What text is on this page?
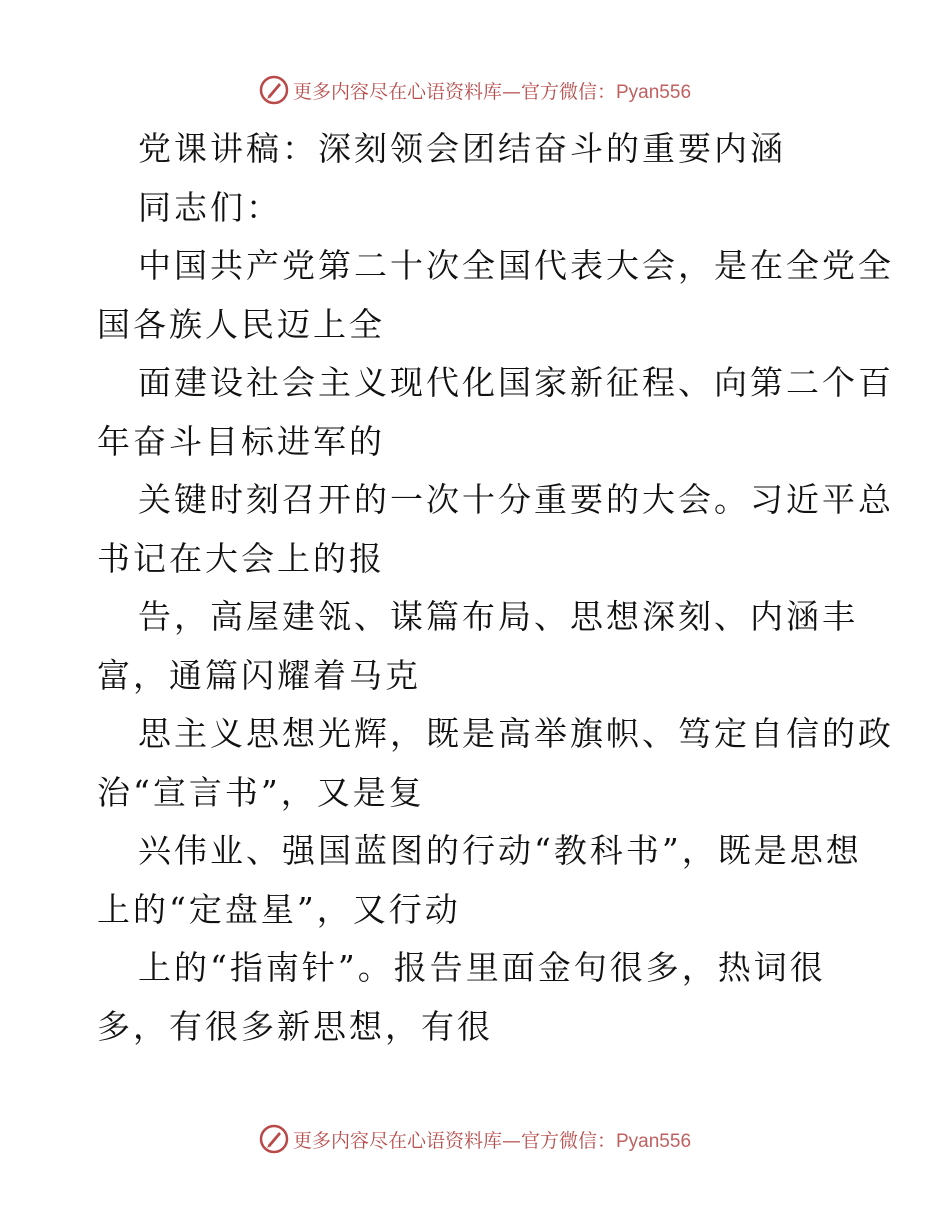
更多内容尽在心语资料库—官方微信：Pyan556
党课讲稿：深刻领会团结奋斗的重要内涵
同志们：
中国共产党第二十次全国代表大会，是在全党全
国各族人民迈上全
面建设社会主义现代化国家新征程、向第二个百
年奋斗目标进军的
关键时刻召开的一次十分重要的大会。习近平总
书记在大会上的报
告，高屋建瓴、谋篇布局、思想深刻、内涵丰
富，通篇闪耀着马克
思主义思想光辉，既是高举旗帜、笃定自信的政
治“宣言书”，又是复
兴伟业、强国蓝图的行动“教科书”，既是思想
上的“定盘星”，又行动
上的“指南针”。报告里面金句很多，热词很
多，有很多新思想，有很
更多内容尽在心语资料库—官方微信：Pyan556
